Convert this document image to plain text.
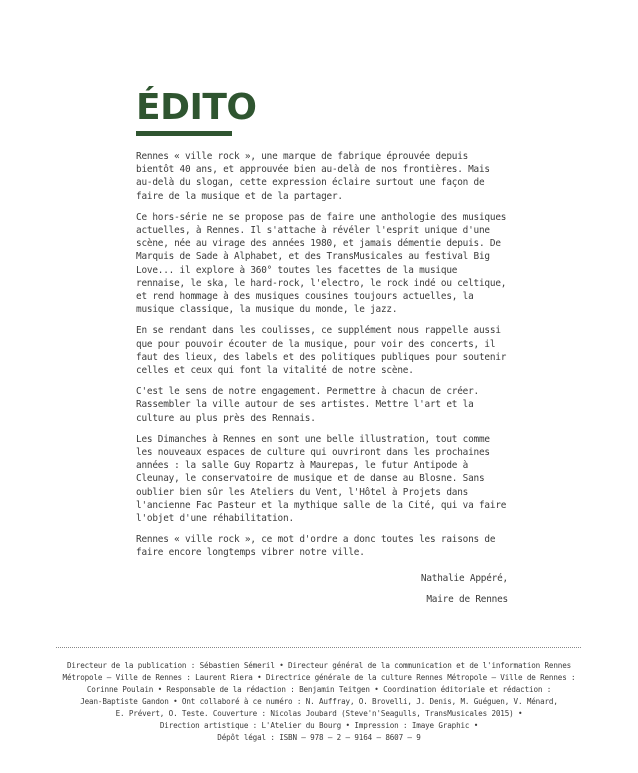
ÉDITO

Rennes « ville rock », une marque de fabrique éprouvée depuis bientôt 40 ans, et approuvée bien au-delà de nos frontières. Mais au-delà du slogan, cette expression éclaire surtout une façon de faire de la musique et de la partager.

Ce hors-série ne se propose pas de faire une anthologie des musiques actuelles, à Rennes. Il s'attache à révéler l'esprit unique d'une scène, née au virage des années 1980, et jamais démentie depuis. De Marquis de Sade à Alphabet, et des TransMusicales au festival Big Love... il explore à 360° toutes les facettes de la musique rennaise, le ska, le hard-rock, l'electro, le rock indé ou celtique, et rend hommage à des musiques cousines toujours actuelles, la musique classique, la musique du monde, le jazz.

En se rendant dans les coulisses, ce supplément nous rappelle aussi que pour pouvoir écouter de la musique, pour voir des concerts, il faut des lieux, des labels et des politiques publiques pour soutenir celles et ceux qui font la vitalité de notre scène.

C'est le sens de notre engagement. Permettre à chacun de créer. Rassembler la ville autour de ses artistes. Mettre l'art et la culture au plus près des Rennais.

Les Dimanches à Rennes en sont une belle illustration, tout comme les nouveaux espaces de culture qui ouvriront dans les prochaines années : la salle Guy Ropartz à Maurepas, le futur Antipode à Cleunay, le conservatoire de musique et de danse au Blosne. Sans oublier bien sûr les Ateliers du Vent, l'Hôtel à Projets dans l'ancienne Fac Pasteur et la mythique salle de la Cité, qui va faire l'objet d'une réhabilitation.

Rennes « ville rock », ce mot d'ordre a donc toutes les raisons de faire encore longtemps vibrer notre ville.

Nathalie Appéré,

Maire de Rennes

Directeur de la publication : Sébastien Sémeril • Directeur général de la communication et de l'information Rennes
Métropole – Ville de Rennes : Laurent Riera • Directrice générale de la culture Rennes Métropole – Ville de Rennes :
Corinne Poulain • Responsable de la rédaction : Benjamin Teitgen • Coordination éditoriale et rédaction :
Jean-Baptiste Gandon • Ont collaboré à ce numéro : N. Auffray, O. Brovelli, J. Denis, M. Guéguen, V. Ménard,
E. Prévert, O. Teste. Couverture : Nicolas Joubard (Steve'n'Seagulls, TransMusicales 2015) •
Direction artistique : L'Atelier du Bourg • Impression : Imaye Graphic •
Dépôt légal : ISBN – 978 – 2 – 9164 – 8607 – 9
